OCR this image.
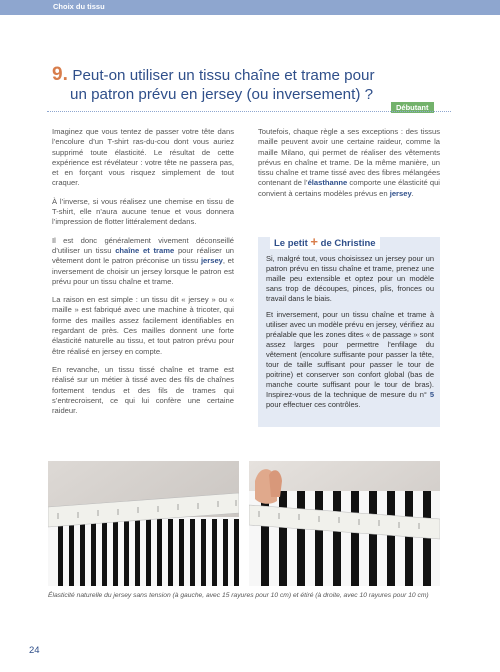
Choix du tissu
9. Peut-on utiliser un tissu chaîne et trame pour
un patron prévu en jersey (ou inversement) ?
Débutant

Imaginez que vous tentez de passer votre tête dans l’encolure d’un T-shirt ras-du-cou dont vous auriez supprimé toute élasticité. Le résultat de cette expérience est révélateur : votre tête ne passera pas, et en forçant vous risquez simplement de tout craquer.

À l’inverse, si vous réalisez une chemise en tissu de T-shirt, elle n’aura aucune tenue et vous donnera l’impression de flotter littéralement dedans.

Il est donc généralement vivement déconseillé d’utiliser un tissu chaîne et trame pour réaliser un vêtement dont le patron préconise un tissu jersey, et inversement de choisir un jersey lorsque le patron est prévu pour un tissu chaîne et trame.

La raison en est simple : un tissu dit « jersey » ou « maille » est fabriqué avec une machine à tricoter, qui forme des mailles assez facilement identifiables en regardant de près. Ces mailles donnent une forte élasticité naturelle au tissu, et tout patron prévu pour être réalisé en jersey en compte.

En revanche, un tissu tissé chaîne et trame est réalisé sur un métier à tissé avec des fils de chaînes fortement tendus et des fils de trames qui s’entrecroisent, ce qui lui confère une certaine raideur.

Toutefois, chaque règle a ses exceptions : des tissus maille peuvent avoir une certaine raideur, comme la maille Milano, qui permet de réaliser des vêtements prévus en chaîne et trame. De la même manière, un tissu chaîne et trame tissé avec des fibres mélangées contenant de l’élasthanne comporte une élasticité qui convient à certains modèles prévus en jersey.

Le petit + de Christine

Si, malgré tout, vous choisissez un jersey pour un patron prévu en tissu chaîne et trame, prenez une maille peu extensible et optez pour un modèle sans trop de découpes, pinces, plis, fronces ou travail dans le biais.

Et inversement, pour un tissu chaîne et trame à utiliser avec un modèle prévu en jersey, vérifiez au préalable que les zones dites « de passage » sont assez larges pour permettre l’enfilage du vêtement (encolure suffisante pour passer la tête, tour de taille suffisant pour passer le tour de poitrine) et conserver son confort global (bas de manche courte suffisant pour le tour de bras). Inspirez-vous de la technique de mesure du n° 5 pour effectuer ces contrôles.

Élasticité naturelle du jersey sans tension (à gauche, avec 15 rayures pour 10 cm) et étiré (à droite, avec 10 rayures pour 10 cm)
24
